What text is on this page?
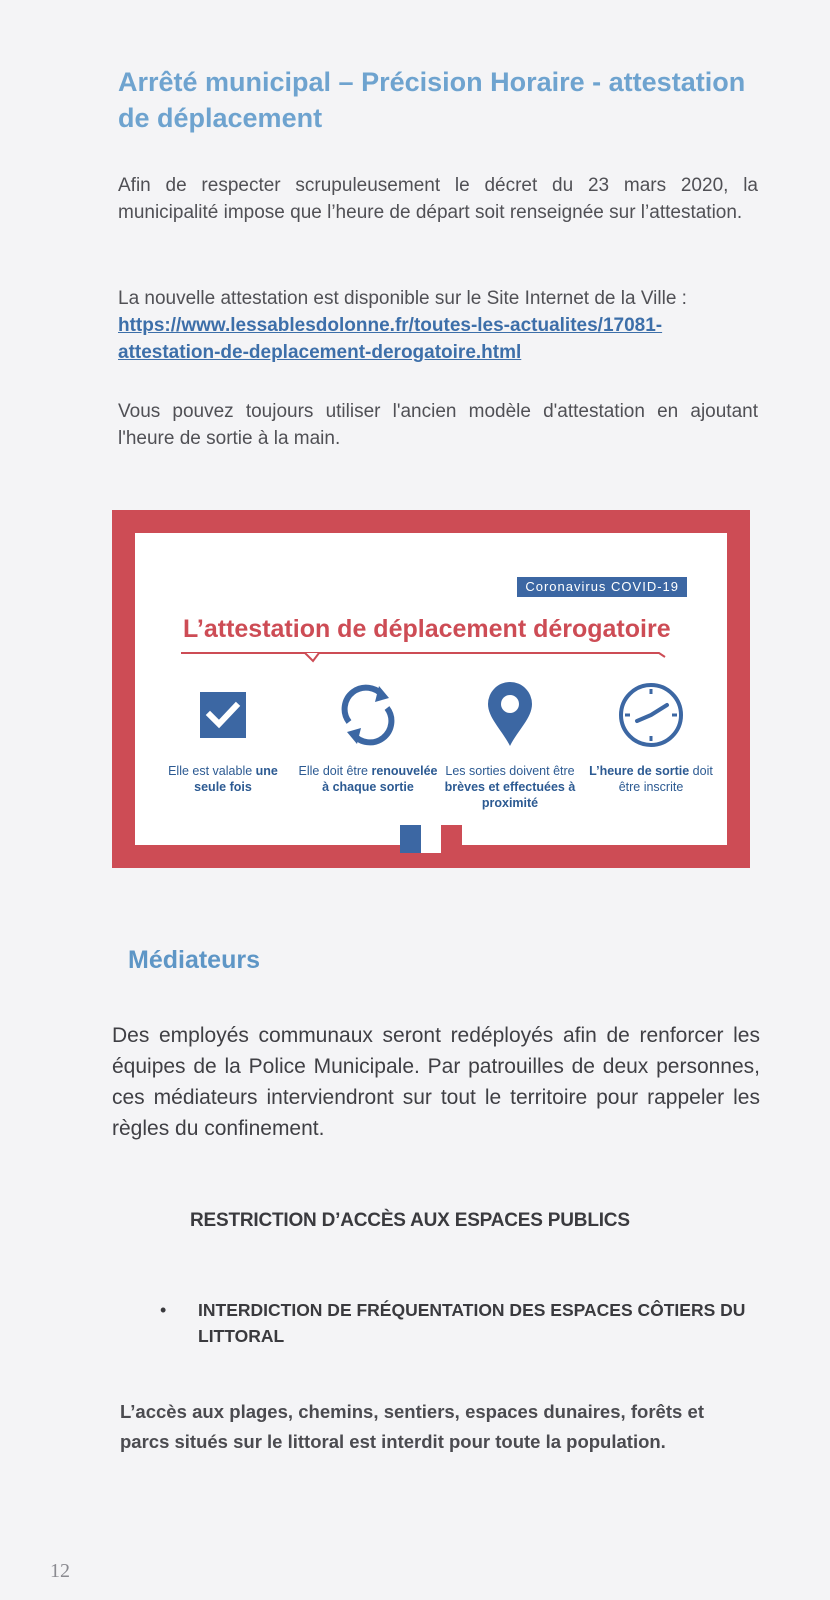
Arrêté municipal – Précision Horaire - attestation de déplacement

Afin de respecter scrupuleusement le décret du 23 mars 2020, la municipalité impose que l’heure de départ soit renseignée sur l’attestation.

La nouvelle attestation est disponible sur le Site Internet de la Ville : https://www.lessablesdolonne.fr/toutes-les-actualites/17081-attestation-de-deplacement-derogatoire.html

Vous pouvez toujours utiliser l'ancien modèle d'attestation en ajoutant l'heure de sortie à la main.

Coronavirus COVID-19
L’attestation de déplacement dérogatoire

Elle est valable une seule fois

Elle doit être renouvelée à chaque sortie

Les sorties doivent être brèves et effectuées à proximité

L’heure de sortie doit être inscrite

Médiateurs

Des employés communaux seront redéployés afin de renforcer les équipes de la Police Municipale. Par patrouilles de deux personnes, ces médiateurs interviendront sur tout le territoire pour rappeler les règles du confinement.

RESTRICTION D’ACCÈS AUX ESPACES PUBLICS
•	INTERDICTION DE FRÉQUENTATION DES ESPACES CÔTIERS DU LITTORAL

L’accès aux plages, chemins, sentiers, espaces dunaires, forêts et parcs situés sur le littoral est interdit pour toute la population.

12
